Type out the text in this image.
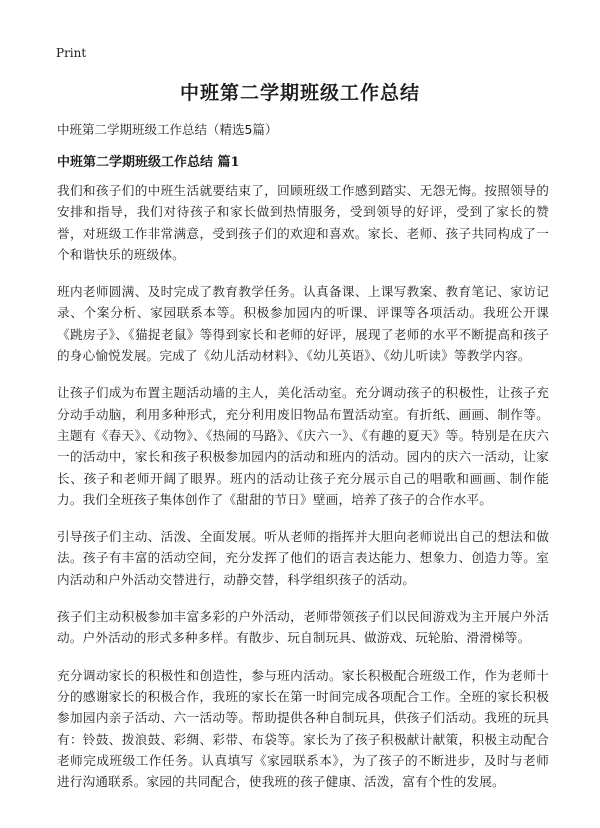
Print
中班第二学期班级工作总结

中班第二学期班级工作总结（精选5篇）

中班第二学期班级工作总结 篇1

我们和孩子们的中班生活就要结束了，回顾班级工作感到踏实、无怨无悔。按照领导的安排和指导，我们对待孩子和家长做到热情服务，受到领导的好评，受到了家长的赞誉，对班级工作非常满意，受到孩子们的欢迎和喜欢。家长、老师、孩子共同构成了一个和谐快乐的班级体。

班内老师圆满、及时完成了教育教学任务。认真备课、上课写教案、教育笔记、家访记录、个案分析、家园联系本等。积极参加园内的听课、评课等各项活动。我班公开课《跳房子》、《猫捉老鼠》等得到家长和老师的好评，展现了老师的水平不断提高和孩子的身心愉悦发展。完成了《幼儿活动材料》、《幼儿英语》、《幼儿听读》等教学内容。

让孩子们成为布置主题活动墙的主人，美化活动室。充分调动孩子的积极性，让孩子充分动手动脑，利用多种形式，充分利用废旧物品布置活动室。有折纸、画画、制作等。主题有《春天》、《动物》、《热闹的马路》、《庆六一》、《有趣的夏天》等。特别是在庆六一的活动中，家长和孩子积极参加园内的活动和班内的活动。园内的庆六一活动，让家长、孩子和老师开阔了眼界。班内的活动让孩子充分展示自己的唱歌和画画、制作能力。我们全班孩子集体创作了《甜甜的节日》壁画，培养了孩子的合作水平。

引导孩子们主动、活泼、全面发展。听从老师的指挥并大胆向老师说出自己的想法和做法。孩子有丰富的活动空间，充分发挥了他们的语言表达能力、想象力、创造力等。室内活动和户外活动交替进行，动静交替，科学组织孩子的活动。

孩子们主动积极参加丰富多彩的户外活动，老师带领孩子们以民间游戏为主开展户外活动。户外活动的形式多种多样。有散步、玩自制玩具、做游戏、玩轮胎、滑滑梯等。

充分调动家长的积极性和创造性，参与班内活动。家长积极配合班级工作，作为老师十分的感谢家长的积极合作，我班的家长在第一时间完成各项配合工作。全班的家长积极参加园内亲子活动、六一活动等。帮助提供各种自制玩具，供孩子们活动。我班的玩具有：铃鼓、拨浪鼓、彩绸、彩带、布袋等。家长为了孩子积极献计献策，积极主动配合老师完成班级工作任务。认真填写《家园联系本》，为了孩子的不断进步，及时与老师进行沟通联系。家园的共同配合，使我班的孩子健康、活泼，富有个性的发展。
